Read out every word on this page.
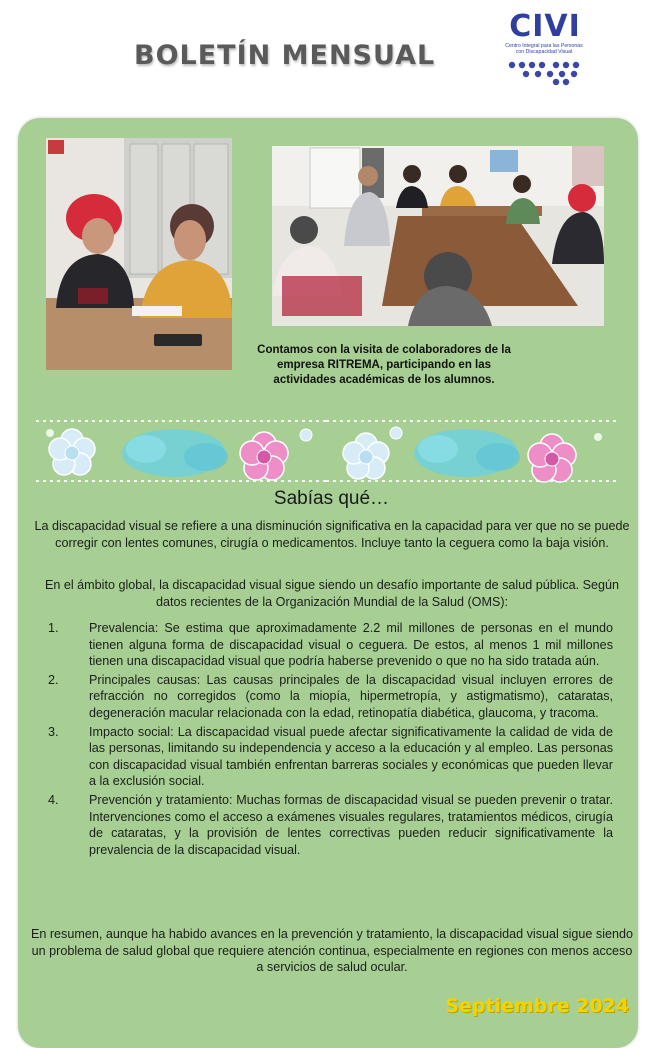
BOLETÍN MENSUAL
CIVI
Centro Integral para las Personas
con Discapacidad Visual
Contamos con la visita de colaboradores de la empresa RITREMA, participando en las actividades académicas de los alumnos.
Sabías qué…
La discapacidad visual se refiere a una disminución significativa en la capacidad para ver que no se puede corregir con lentes comunes, cirugía o medicamentos. Incluye tanto la ceguera como la baja visión.
En el ámbito global, la discapacidad visual sigue siendo un desafío importante de salud pública. Según datos recientes de la Organización Mundial de la Salud (OMS):
1. Prevalencia: Se estima que aproximadamente 2.2 mil millones de personas en el mundo tienen alguna forma de discapacidad visual o ceguera. De estos, al menos 1 mil millones tienen una discapacidad visual que podría haberse prevenido o que no ha sido tratada aún.
2. Principales causas: Las causas principales de la discapacidad visual incluyen errores de refracción no corregidos (como la miopía, hipermetropía, y astigmatismo), cataratas, degeneración macular relacionada con la edad, retinopatía diabética, glaucoma, y tracoma.
3. Impacto social: La discapacidad visual puede afectar significativamente la calidad de vida de las personas, limitando su independencia y acceso a la educación y al empleo. Las personas con discapacidad visual también enfrentan barreras sociales y económicas que pueden llevar a la exclusión social.
4. Prevención y tratamiento: Muchas formas de discapacidad visual se pueden prevenir o tratar. Intervenciones como el acceso a exámenes visuales regulares, tratamientos médicos, cirugía de cataratas, y la provisión de lentes correctivas pueden reducir significativamente la prevalencia de la discapacidad visual.
En resumen, aunque ha habido avances en la prevención y tratamiento, la discapacidad visual sigue siendo un problema de salud global que requiere atención continua, especialmente en regiones con menos acceso a servicios de salud ocular.
Septiembre 2024
